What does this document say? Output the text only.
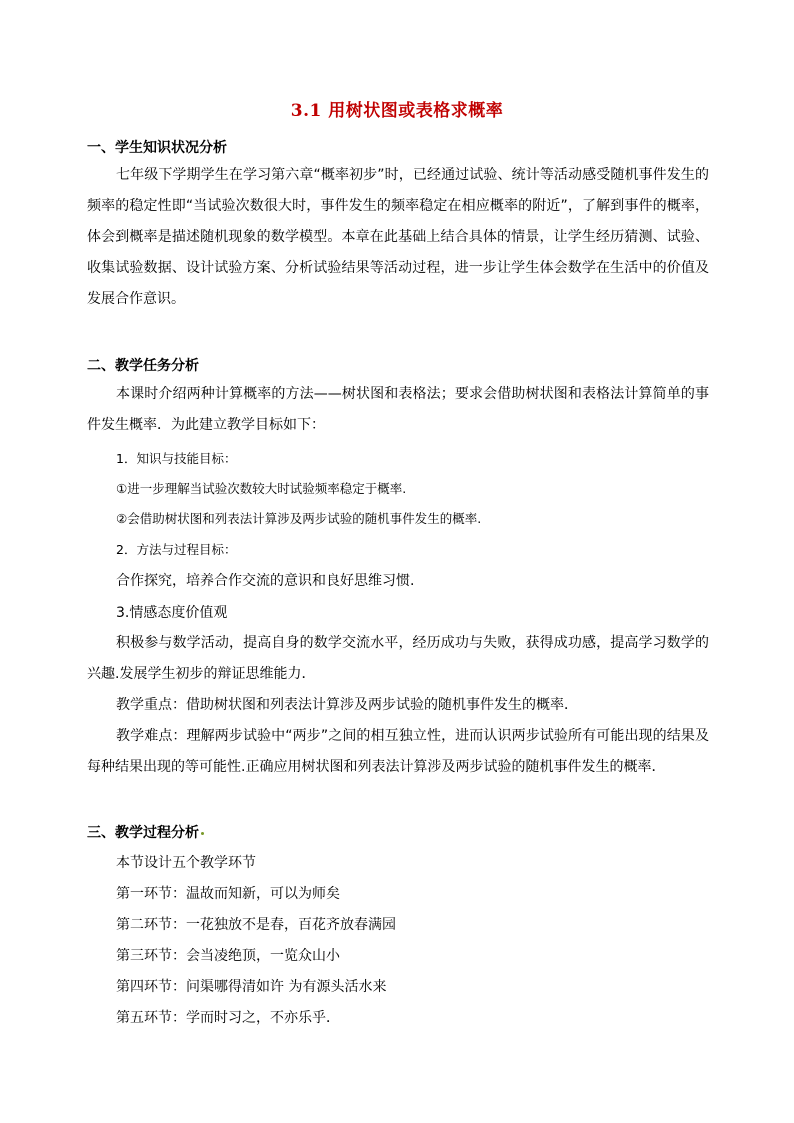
3.1 用树状图或表格求概率
一、学生知识状况分析

七年级下学期学生在学习第六章“概率初步”时，已经通过试验、统计等活动感受随机事件发生的频率的稳定性即“当试验次数很大时，事件发生的频率稳定在相应概率的附近”，了解到事件的概率，体会到概率是描述随机现象的数学模型。本章在此基础上结合具体的情景，让学生经历猜测、试验、收集试验数据、设计试验方案、分析试验结果等活动过程，进一步让学生体会数学在生活中的价值及发展合作意识。

二、教学任务分析

本课时介绍两种计算概率的方法——树状图和表格法；要求会借助树状图和表格法计算简单的事件发生概率．为此建立教学目标如下：

1．知识与技能目标：

①进一步理解当试验次数较大时试验频率稳定于概率.

②会借助树状图和列表法计算涉及两步试验的随机事件发生的概率.

2．方法与过程目标：

合作探究，培养合作交流的意识和良好思维习惯.

3.情感态度价值观

积极参与数学活动，提高自身的数学交流水平，经历成功与失败，获得成功感，提高学习数学的兴趣.发展学生初步的辩证思维能力．

教学重点：借助树状图和列表法计算涉及两步试验的随机事件发生的概率．

教学难点：理解两步试验中“两步”之间的相互独立性，进而认识两步试验所有可能出现的结果及每种结果出现的等可能性.正确应用树状图和列表法计算涉及两步试验的随机事件发生的概率．

三、教学过程分析

本节设计五个教学环节

第一环节：温故而知新，可以为师矣

第二环节：一花独放不是春，百花齐放春满园

第三环节：会当凌绝顶，一览众山小

第四环节：问渠哪得清如许 为有源头活水来

第五环节：学而时习之，不亦乐乎．
